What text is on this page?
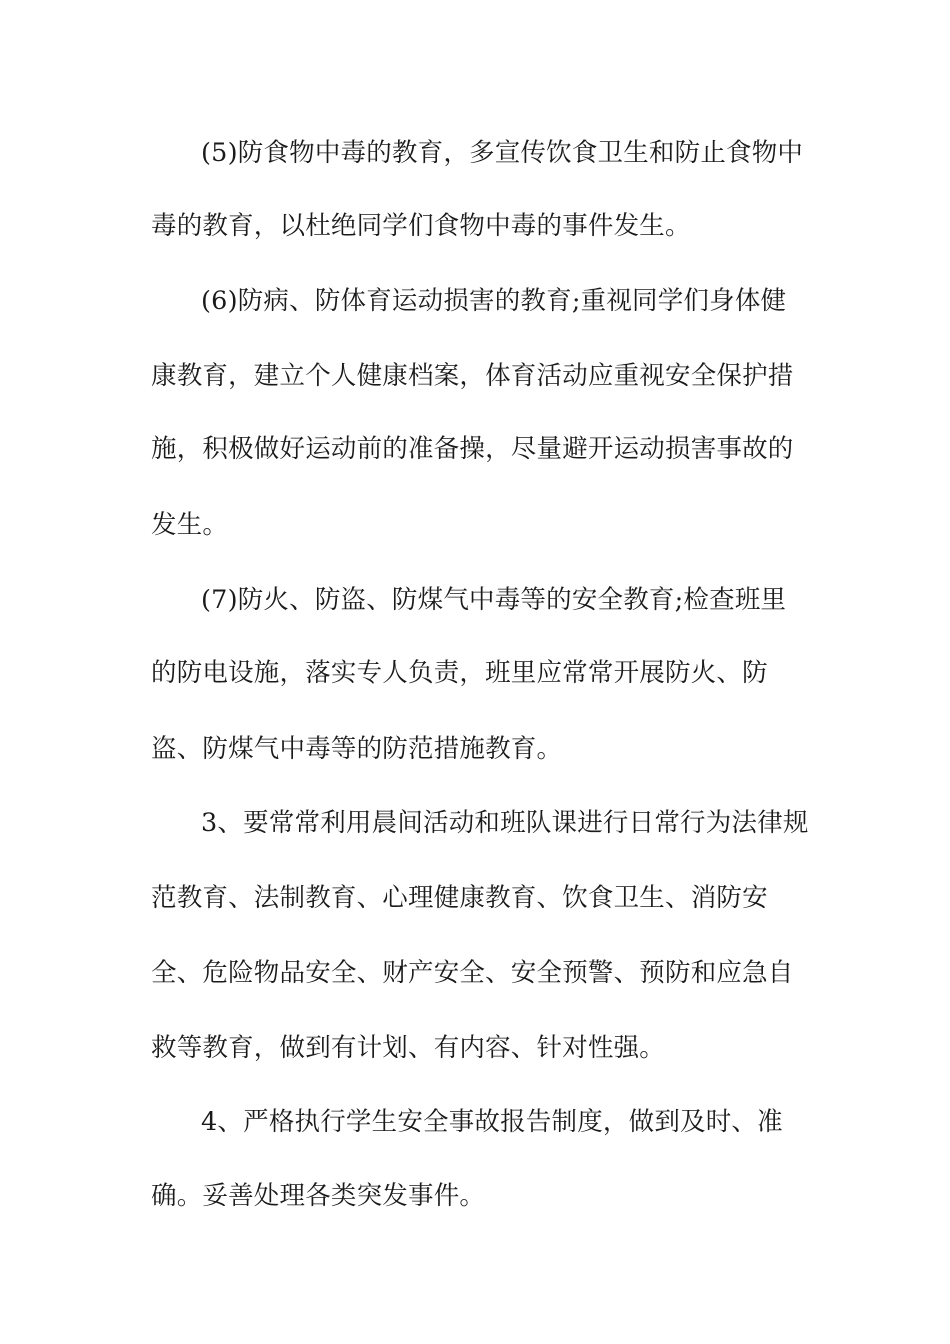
(5)防食物中毒的教育，多宣传饮食卫生和防止食物中
毒的教育，以杜绝同学们食物中毒的事件发生。
(6)防病、防体育运动损害的教育;重视同学们身体健
康教育，建立个人健康档案，体育活动应重视安全保护措
施，积极做好运动前的准备操，尽量避开运动损害事故的
发生。
(7)防火、防盗、防煤气中毒等的安全教育;检查班里
的防电设施，落实专人负责，班里应常常开展防火、防
盗、防煤气中毒等的防范措施教育。
3、要常常利用晨间活动和班队课进行日常行为法律规
范教育、法制教育、心理健康教育、饮食卫生、消防安
全、危险物品安全、财产安全、安全预警、预防和应急自
救等教育，做到有计划、有内容、针对性强。
4、严格执行学生安全事故报告制度，做到及时、准
确。妥善处理各类突发事件。
